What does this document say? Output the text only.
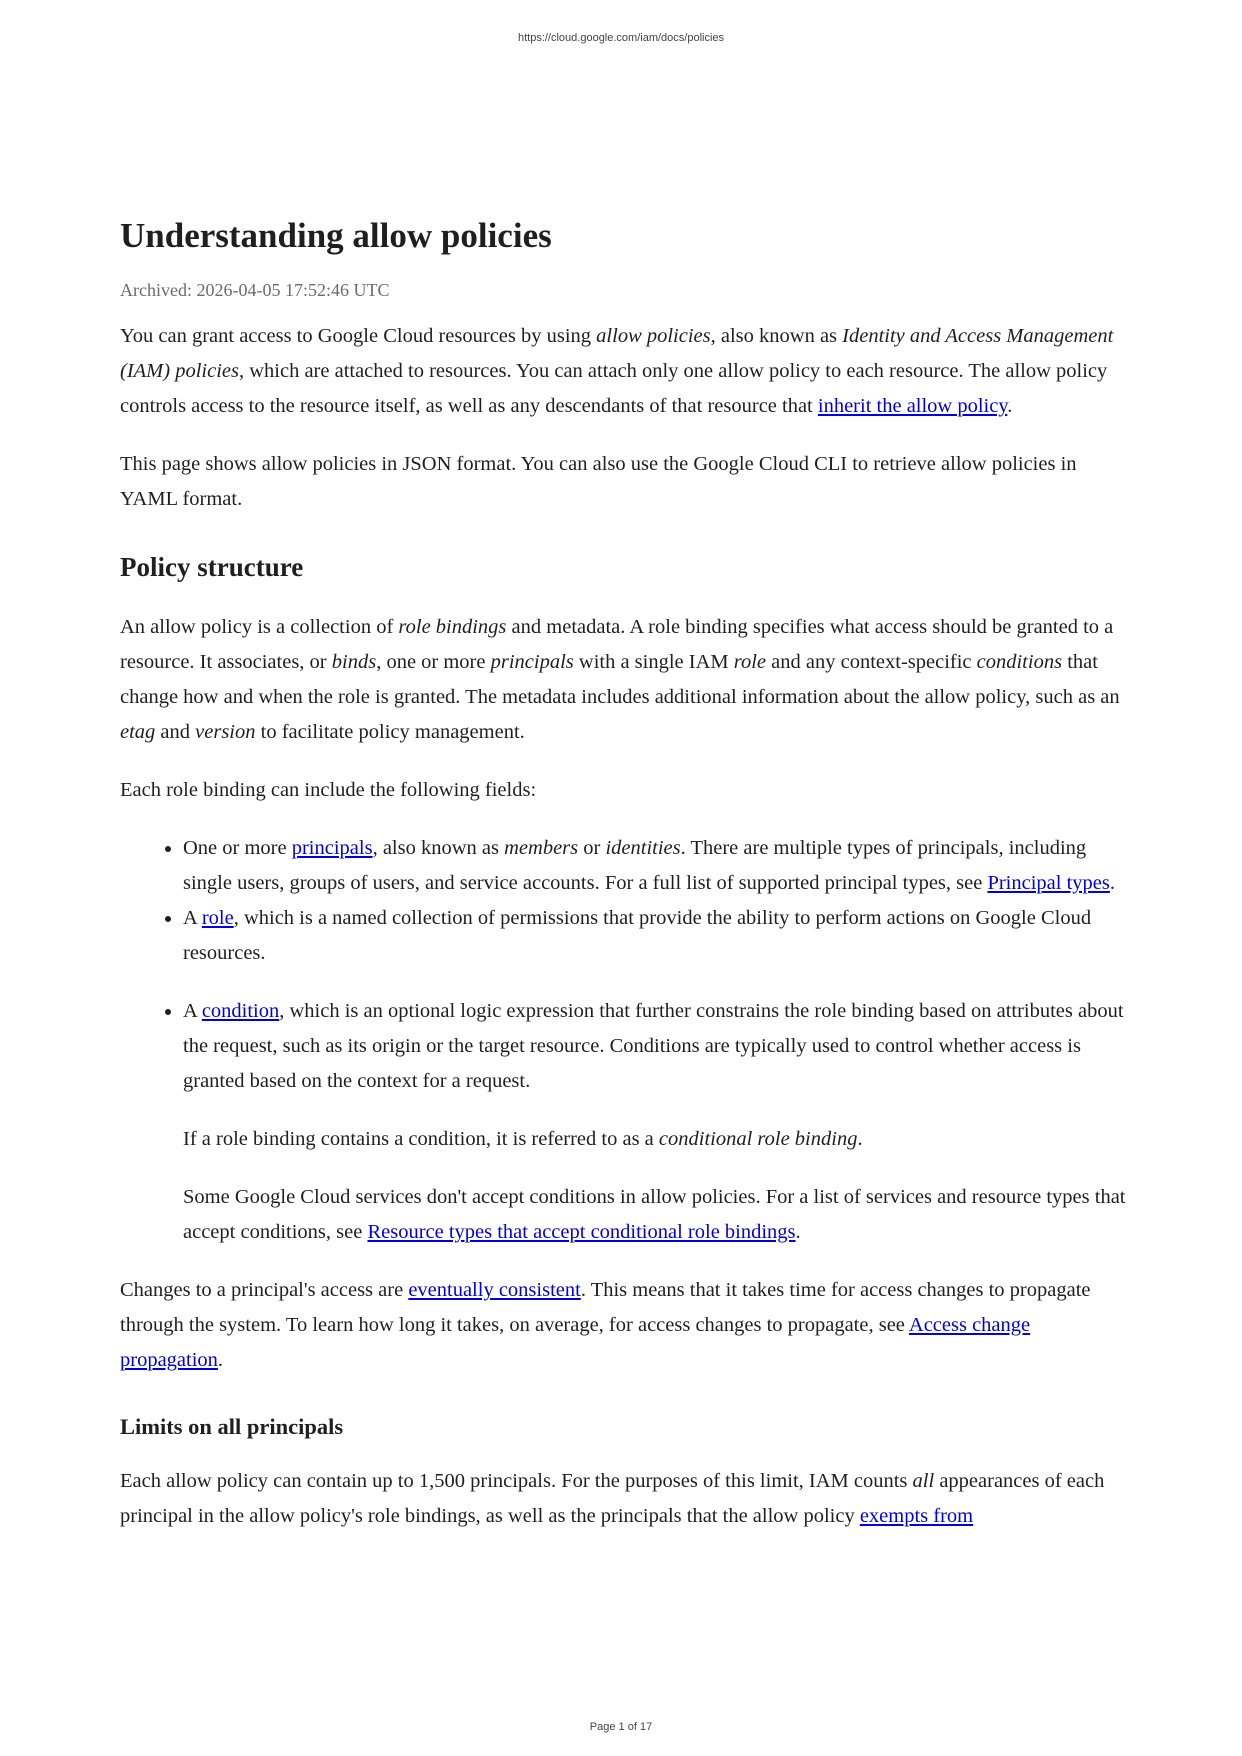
https://cloud.google.com/iam/docs/policies
Understanding allow policies
Archived: 2026-04-05 17:52:46 UTC

You can grant access to Google Cloud resources by using allow policies, also known as Identity and Access Management (IAM) policies, which are attached to resources. You can attach only one allow policy to each resource. The allow policy controls access to the resource itself, as well as any descendants of that resource that inherit the allow policy.

This page shows allow policies in JSON format. You can also use the Google Cloud CLI to retrieve allow policies in YAML format.

Policy structure

An allow policy is a collection of role bindings and metadata. A role binding specifies what access should be granted to a resource. It associates, or binds, one or more principals with a single IAM role and any context-specific conditions that change how and when the role is granted. The metadata includes additional information about the allow policy, such as an etag and version to facilitate policy management.

Each role binding can include the following fields:

• One or more principals, also known as members or identities. There are multiple types of principals, including single users, groups of users, and service accounts. For a full list of supported principal types, see Principal types.
• A role, which is a named collection of permissions that provide the ability to perform actions on Google Cloud resources.

• A condition, which is an optional logic expression that further constrains the role binding based on attributes about the request, such as its origin or the target resource. Conditions are typically used to control whether access is granted based on the context for a request.

If a role binding contains a condition, it is referred to as a conditional role binding.

Some Google Cloud services don't accept conditions in allow policies. For a list of services and resource types that accept conditions, see Resource types that accept conditional role bindings.

Changes to a principal's access are eventually consistent. This means that it takes time for access changes to propagate through the system. To learn how long it takes, on average, for access changes to propagate, see Access change propagation.

Limits on all principals

Each allow policy can contain up to 1,500 principals. For the purposes of this limit, IAM counts all appearances of each principal in the allow policy's role bindings, as well as the principals that the allow policy exempts from

Page 1 of 17
